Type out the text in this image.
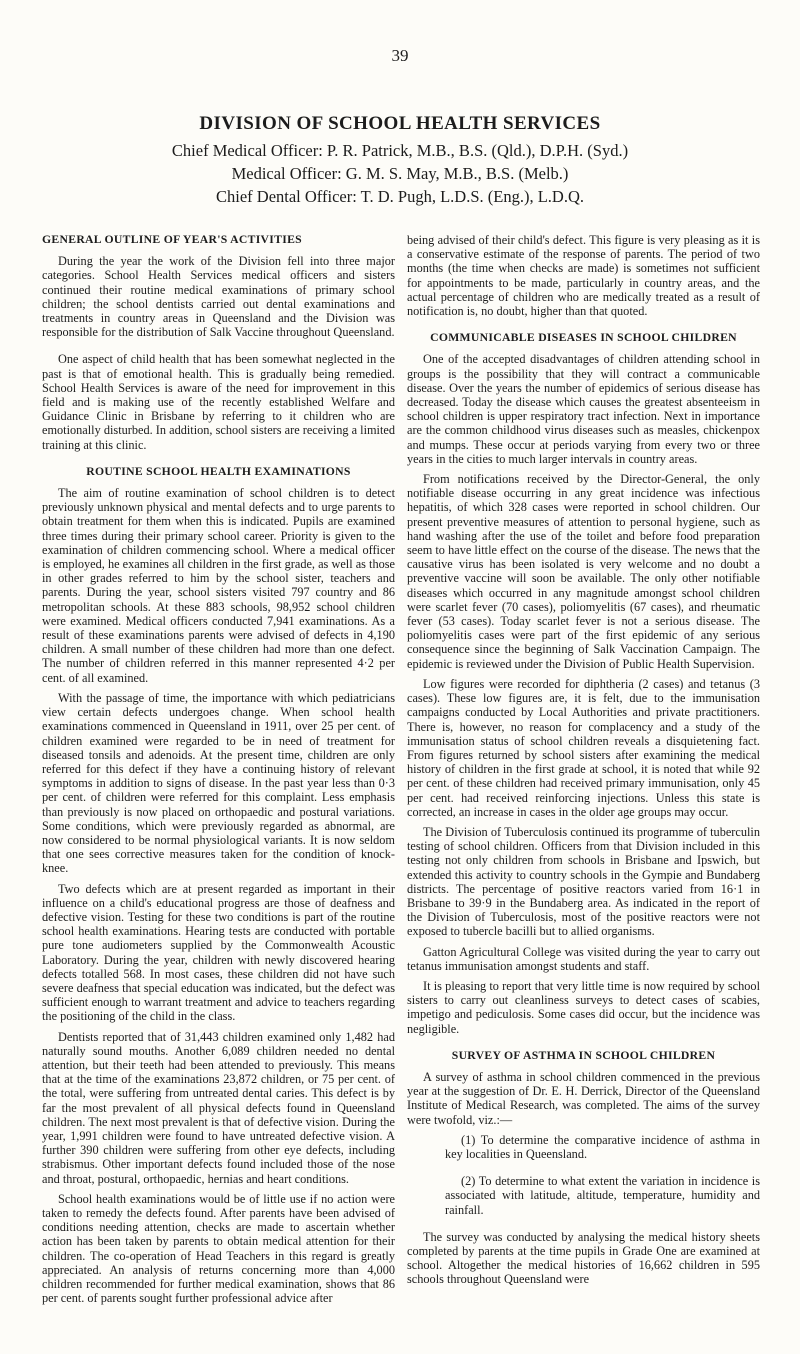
39
DIVISION OF SCHOOL HEALTH SERVICES
Chief Medical Officer: P. R. Patrick, M.B., B.S. (Qld.), D.P.H. (Syd.)
Medical Officer: G. M. S. May, M.B., B.S. (Melb.)
Chief Dental Officer: T. D. Pugh, L.D.S. (Eng.), L.D.Q.
GENERAL OUTLINE OF YEAR'S ACTIVITIES

During the year the work of the Division fell into three major categories. School Health Services medical officers and sisters continued their routine medical examinations of primary school children; the school dentists carried out dental examinations and treatments in country areas in Queensland and the Division was responsible for the distribution of Salk Vaccine throughout Queensland.

One aspect of child health that has been somewhat neglected in the past is that of emotional health. This is gradually being remedied. School Health Services is aware of the need for improvement in this field and is making use of the recently established Welfare and Guidance Clinic in Brisbane by referring to it children who are emotionally disturbed. In addition, school sisters are receiving a limited training at this clinic.

ROUTINE SCHOOL HEALTH EXAMINATIONS

The aim of routine examination of school children is to detect previously unknown physical and mental defects and to urge parents to obtain treatment for them when this is indicated. Pupils are examined three times during their primary school career. Priority is given to the examination of children commencing school. Where a medical officer is employed, he examines all children in the first grade, as well as those in other grades referred to him by the school sister, teachers and parents. During the year, school sisters visited 797 country and 86 metropolitan schools. At these 883 schools, 98,952 school children were examined. Medical officers conducted 7,941 examinations. As a result of these examinations parents were advised of defects in 4,190 children. A small number of these children had more than one defect. The number of children referred in this manner represented 4·2 per cent. of all examined.

With the passage of time, the importance with which pediatricians view certain defects undergoes change. When school health examinations commenced in Queensland in 1911, over 25 per cent. of children examined were regarded to be in need of treatment for diseased tonsils and adenoids. At the present time, children are only referred for this defect if they have a continuing history of relevant symptoms in addition to signs of disease. In the past year less than 0·3 per cent. of children were referred for this complaint. Less emphasis than previously is now placed on orthopaedic and postural variations. Some conditions, which were previously regarded as abnormal, are now considered to be normal physiological variants. It is now seldom that one sees corrective measures taken for the condition of knock-knee.

Two defects which are at present regarded as important in their influence on a child's educational progress are those of deafness and defective vision. Testing for these two conditions is part of the routine school health examinations. Hearing tests are conducted with portable pure tone audiometers supplied by the Commonwealth Acoustic Laboratory. During the year, children with newly discovered hearing defects totalled 568. In most cases, these children did not have such severe deafness that special education was indicated, but the defect was sufficient enough to warrant treatment and advice to teachers regarding the positioning of the child in the class.

Dentists reported that of 31,443 children examined only 1,482 had naturally sound mouths. Another 6,089 children needed no dental attention, but their teeth had been attended to previously. This means that at the time of the examinations 23,872 children, or 75 per cent. of the total, were suffering from untreated dental caries. This defect is by far the most prevalent of all physical defects found in Queensland children. The next most prevalent is that of defective vision. During the year, 1,991 children were found to have untreated defective vision. A further 390 children were suffering from other eye defects, including strabismus. Other important defects found included those of the nose and throat, postural, orthopaedic, hernias and heart conditions.

School health examinations would be of little use if no action were taken to remedy the defects found. After parents have been advised of conditions needing attention, checks are made to ascertain whether action has been taken by parents to obtain medical attention for their children. The co-operation of Head Teachers in this regard is greatly appreciated. An analysis of returns concerning more than 4,000 children recommended for further medical examination, shows that 86 per cent. of parents sought further professional advice after

being advised of their child's defect. This figure is very pleasing as it is a conservative estimate of the response of parents. The period of two months (the time when checks are made) is sometimes not sufficient for appointments to be made, particularly in country areas, and the actual percentage of children who are medically treated as a result of notification is, no doubt, higher than that quoted.

COMMUNICABLE DISEASES IN SCHOOL CHILDREN

One of the accepted disadvantages of children attending school in groups is the possibility that they will contract a communicable disease. Over the years the number of epidemics of serious disease has decreased. Today the disease which causes the greatest absenteeism in school children is upper respiratory tract infection. Next in importance are the common childhood virus diseases such as measles, chickenpox and mumps. These occur at periods varying from every two or three years in the cities to much larger intervals in country areas.

From notifications received by the Director-General, the only notifiable disease occurring in any great incidence was infectious hepatitis, of which 328 cases were reported in school children. Our present preventive measures of attention to personal hygiene, such as hand washing after the use of the toilet and before food preparation seem to have little effect on the course of the disease. The news that the causative virus has been isolated is very welcome and no doubt a preventive vaccine will soon be available. The only other notifiable diseases which occurred in any magnitude amongst school children were scarlet fever (70 cases), poliomyelitis (67 cases), and rheumatic fever (53 cases). Today scarlet fever is not a serious disease. The poliomyelitis cases were part of the first epidemic of any serious consequence since the beginning of Salk Vaccination Campaign. The epidemic is reviewed under the Division of Public Health Supervision.

Low figures were recorded for diphtheria (2 cases) and tetanus (3 cases). These low figures are, it is felt, due to the immunisation campaigns conducted by Local Authorities and private practitioners. There is, however, no reason for complacency and a study of the immunisation status of school children reveals a disquietening fact. From figures returned by school sisters after examining the medical history of children in the first grade at school, it is noted that while 92 per cent. of these children had received primary immunisation, only 45 per cent. had received reinforcing injections. Unless this state is corrected, an increase in cases in the older age groups may occur.

The Division of Tuberculosis continued its programme of tuberculin testing of school children. Officers from that Division included in this testing not only children from schools in Brisbane and Ipswich, but extended this activity to country schools in the Gympie and Bundaberg districts. The percentage of positive reactors varied from 16·1 in Brisbane to 39·9 in the Bundaberg area. As indicated in the report of the Division of Tuberculosis, most of the positive reactors were not exposed to tubercle bacilli but to allied organisms.

Gatton Agricultural College was visited during the year to carry out tetanus immunisation amongst students and staff.

It is pleasing to report that very little time is now required by school sisters to carry out cleanliness surveys to detect cases of scabies, impetigo and pediculosis. Some cases did occur, but the incidence was negligible.

SURVEY OF ASTHMA IN SCHOOL CHILDREN

A survey of asthma in school children commenced in the previous year at the suggestion of Dr. E. H. Derrick, Director of the Queensland Institute of Medical Research, was completed. The aims of the survey were twofold, viz.:—

(1) To determine the comparative incidence of asthma in key localities in Queensland.

(2) To determine to what extent the variation in incidence is associated with latitude, altitude, temperature, humidity and rainfall.

The survey was conducted by analysing the medical history sheets completed by parents at the time pupils in Grade One are examined at school. Altogether the medical histories of 16,662 children in 595 schools throughout Queensland were
